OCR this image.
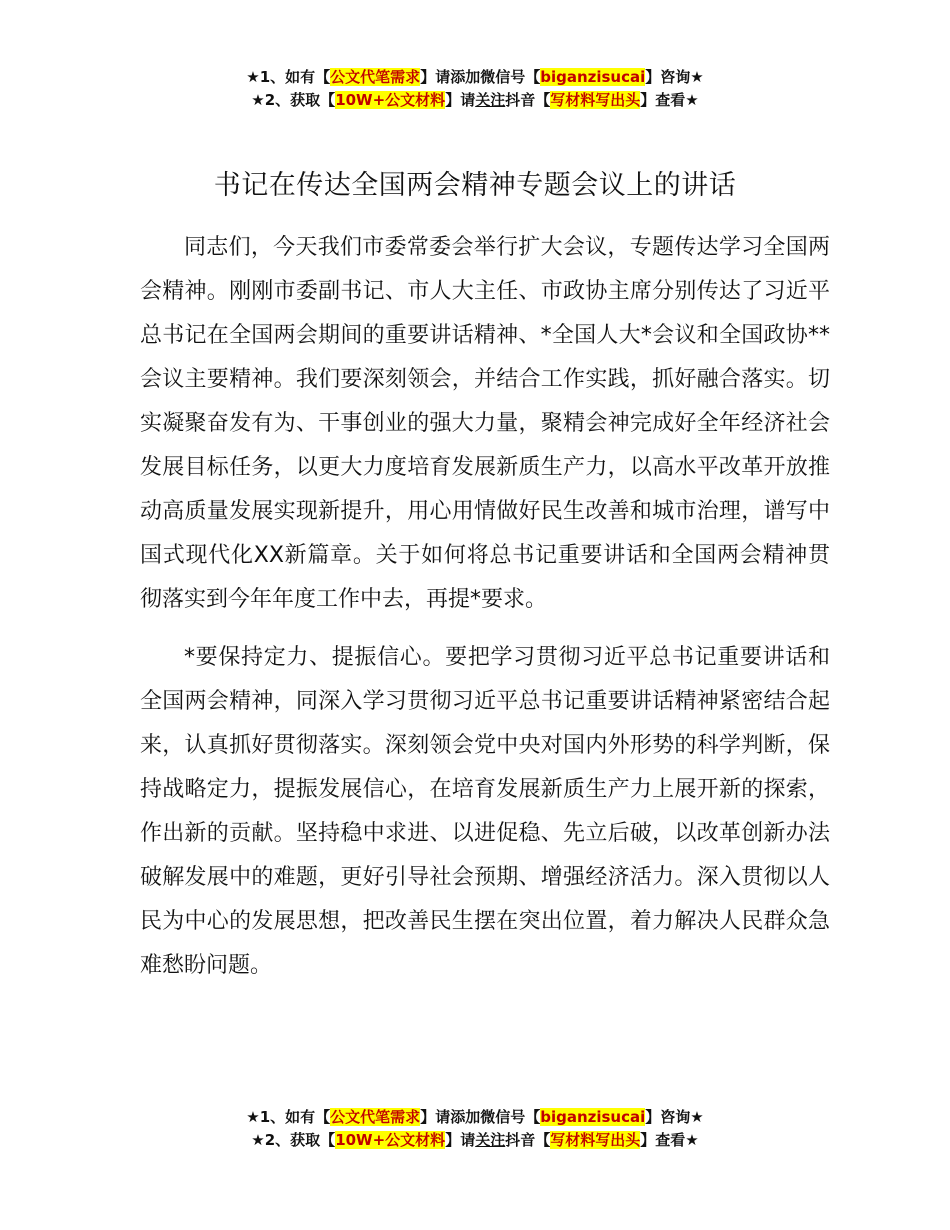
★1、如有【公文代笔需求】请添加微信号【biganzisucai】咨询★
★2、获取【10W+公文材料】请关注抖音【写材料写出头】查看★
书记在传达全国两会精神专题会议上的讲话

同志们，今天我们市委常委会举行扩大会议，专题传达学习全国两会精神。刚刚市委副书记、市人大主任、市政协主席分别传达了习近平总书记在全国两会期间的重要讲话精神、*全国人大*会议和全国政协**会议主要精神。我们要深刻领会，并结合工作实践，抓好融合落实。切实凝聚奋发有为、干事创业的强大力量，聚精会神完成好全年经济社会发展目标任务，以更大力度培育发展新质生产力，以高水平改革开放推动高质量发展实现新提升，用心用情做好民生改善和城市治理，谱写中国式现代化XX新篇章。关于如何将总书记重要讲话和全国两会精神贯彻落实到今年年度工作中去，再提*要求。

*要保持定力、提振信心。要把学习贯彻习近平总书记重要讲话和全国两会精神，同深入学习贯彻习近平总书记重要讲话精神紧密结合起来，认真抓好贯彻落实。深刻领会党中央对国内外形势的科学判断，保持战略定力，提振发展信心，在培育发展新质生产力上展开新的探索，作出新的贡献。坚持稳中求进、以进促稳、先立后破，以改革创新办法破解发展中的难题，更好引导社会预期、增强经济活力。深入贯彻以人民为中心的发展思想，把改善民生摆在突出位置，着力解决人民群众急难愁盼问题。

★1、如有【公文代笔需求】请添加微信号【biganzisucai】咨询★
★2、获取【10W+公文材料】请关注抖音【写材料写出头】查看★
